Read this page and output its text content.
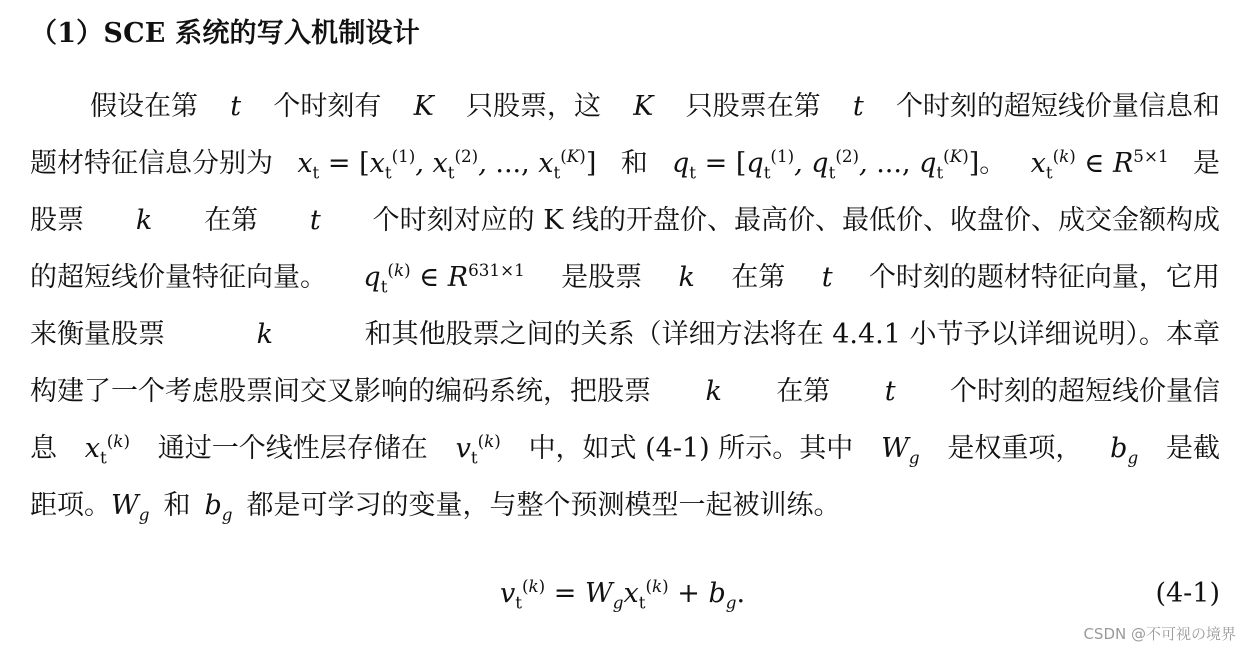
（1）SCE 系统的写入机制设计
假设在第 t 个时刻有 K 只股票，这 K 只股票在第 t 个时刻的超短线价量信息和
题材特征信息分别为 $x_t = [x_t^{(1)}$, $x_t^{(2)}$, ..., $x_t^{(K)}$] 和 $q_t = [q_t^{(1)}$, $q_t^{(2)}$, ..., $q_t^{(K)}$]。 $x_t^{(k)}$ ∈ $R^{5\times 1}$ 是
股票 k 在第 t 个时刻对应的 K 线的开盘价、最高价、最低价、收盘价、成交金额构成
的超短线价量特征向量。 $q_t^{(k)}$ ∈ $R^{631\times 1}$ 是股票 k 在第 t 个时刻的题材特征向量，它用
来衡量股票	k	和其他股票之间的关系（详细方法将在 4.4.1 小节予以详细说明）。本章
构建了一个考虑股票间交叉影响的编码系统，把股票 k 在第 t 个时刻的超短线价量信
息 $x_t^{(k)}$ 通过一个线性层存储在 $v_t^{(k)}$ 中，如式 (4-1) 所示。其中 $W_g$ 是权重项， $b_g$ 是截
距项。 $W_g$ 和 $b_g$ 都是可学习的变量，与整个预测模型一起被训练。
$v_t^{(k)} = W_gx_t^{(k)} + b_g$.	(4-1)
CSDN @不可视の境界
